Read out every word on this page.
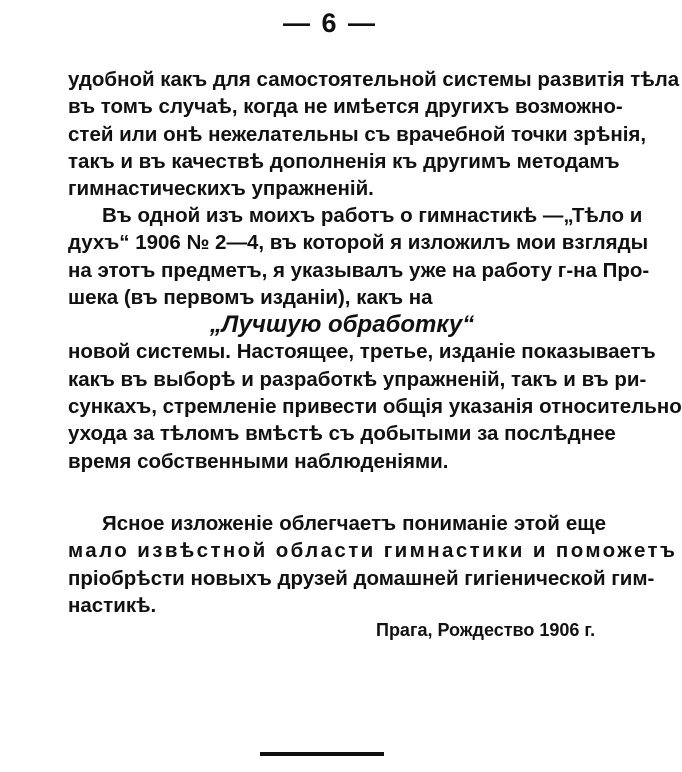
— 6 —
удобной какъ для самостоятельной системы развитія тѣла
въ томъ случаѣ, когда не имѣется другихъ возможно-
стей или онѣ нежелательны съ врачебной точки зрѣнія,
такъ и въ качествѣ дополненія къ другимъ методамъ
гимнастическихъ упражненій.
Въ одной изъ моихъ работъ о гимнастикѣ —„Тѣло и
духъ“ 1906 № 2—4, въ которой я изложилъ мои взгляды
на этотъ предметъ, я указывалъ уже на работу г-на Про-
шека (въ первомъ изданіи), какъ на
„Лучшую обработку“
новой системы. Настоящее, третье, изданіе показываетъ
какъ въ выборѣ и разработкѣ упражненій, такъ и въ ри-
сункахъ, стремленіе привести общія указанія относительно
ухода за тѣломъ вмѣстѣ съ добытыми за послѣднее
время собственными наблюденіями.
Ясное изложеніе облегчаетъ пониманіе этой еще
мало извѣстной области гимнастики и поможетъ
пріобрѣсти новыхъ друзей домашней гигіенической гим-
настикѣ.
Прага, Рождество 1906 г.
